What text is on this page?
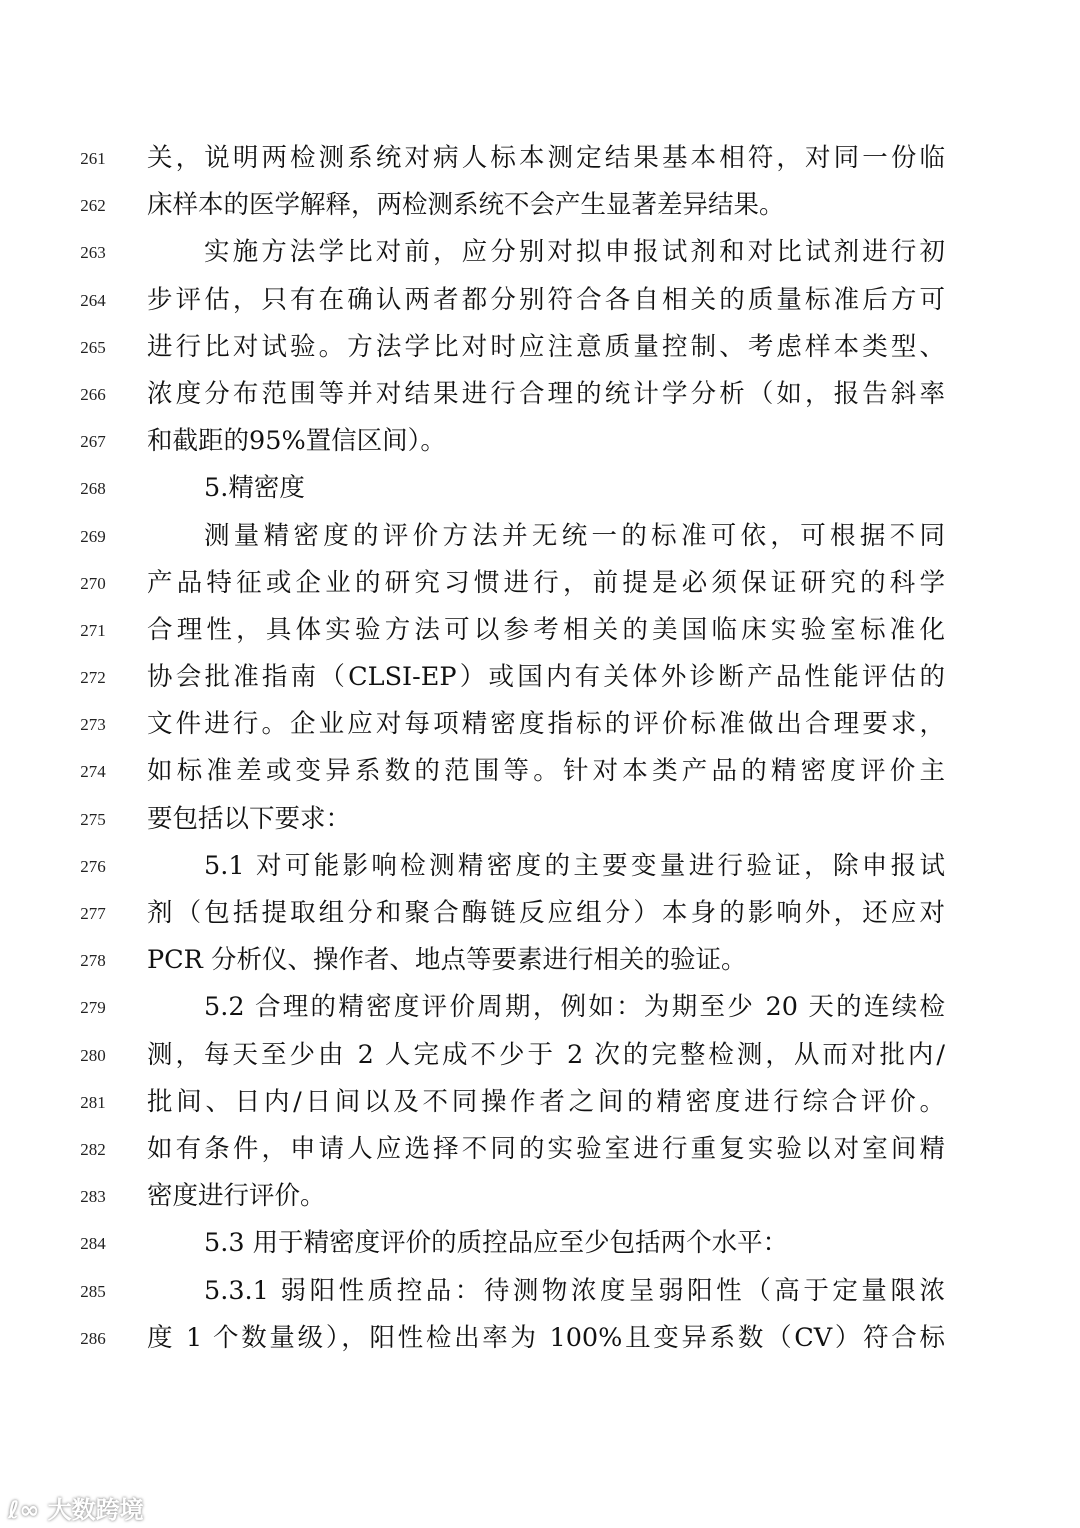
261	关，说明两检测系统对病人标本测定结果基本相符，对同一份临
262	床样本的医学解释，两检测系统不会产生显著差异结果。
263	实施方法学比对前，应分别对拟申报试剂和对比试剂进行初
264	步评估，只有在确认两者都分别符合各自相关的质量标准后方可
265	进行比对试验。方法学比对时应注意质量控制、考虑样本类型、
266	浓度分布范围等并对结果进行合理的统计学分析（如，报告斜率
267	和截距的95%置信区间）。
268	5.精密度
269	测量精密度的评价方法并无统一的标准可依，可根据不同
270	产品特征或企业的研究习惯进行，前提是必须保证研究的科学
271	合理性，具体实验方法可以参考相关的美国临床实验室标准化
272	协会批准指南（CLSI-EP）或国内有关体外诊断产品性能评估的
273	文件进行。企业应对每项精密度指标的评价标准做出合理要求，
274	如标准差或变异系数的范围等。针对本类产品的精密度评价主
275	要包括以下要求：
276	5.1 对可能影响检测精密度的主要变量进行验证，除申报试
277	剂（包括提取组分和聚合酶链反应组分）本身的影响外，还应对
278	PCR 分析仪、操作者、地点等要素进行相关的验证。
279	5.2 合理的精密度评价周期，例如：为期至少 20 天的连续检
280	测，每天至少由 2 人完成不少于 2 次的完整检测，从而对批内/
281	批间、日内/日间以及不同操作者之间的精密度进行综合评价。
282	如有条件，申请人应选择不同的实验室进行重复实验以对室间精
283	密度进行评价。
284	5.3 用于精密度评价的质控品应至少包括两个水平：
285	5.3.1 弱阳性质控品：待测物浓度呈弱阳性（高于定量限浓
286	度 1 个数量级），阳性检出率为 100%且变异系数（CV）符合标
ℓ∞ 大数跨境
